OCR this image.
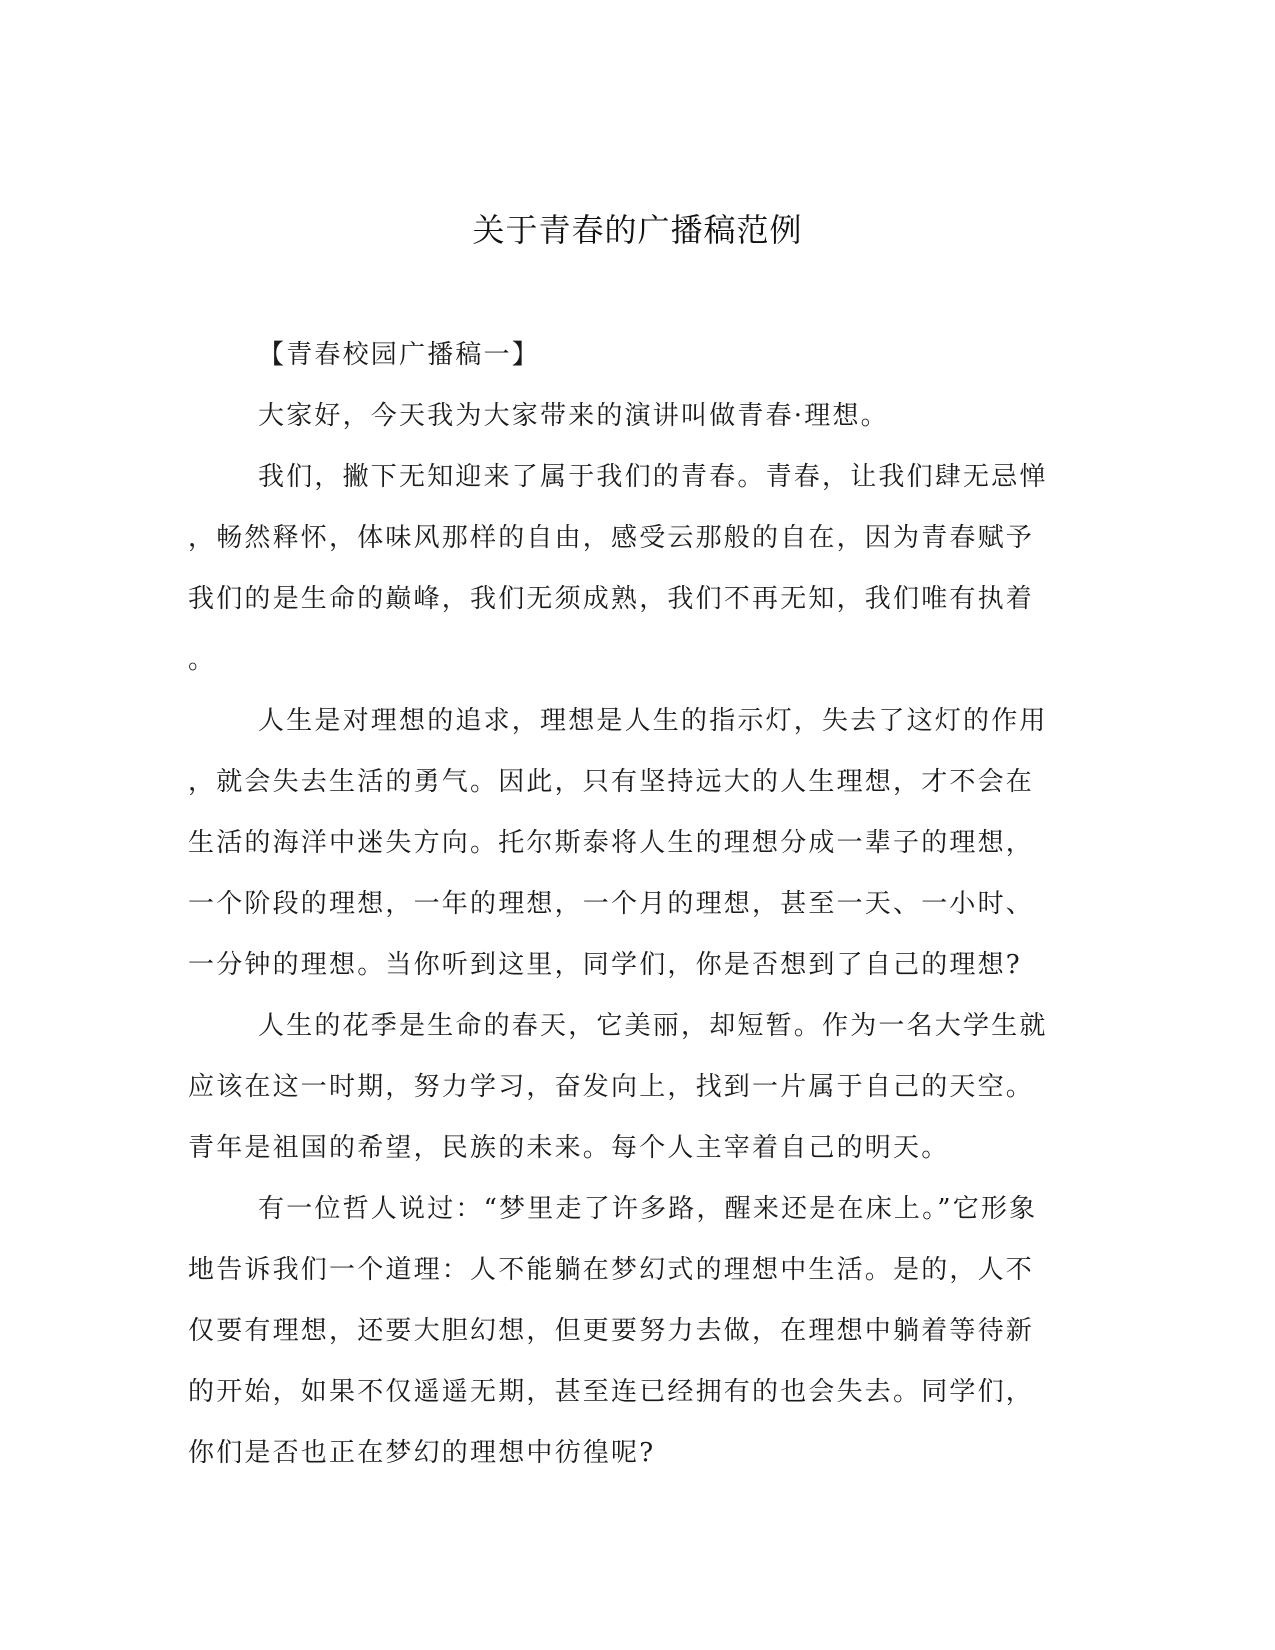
关于青春的广播稿范例
【青春校园广播稿一】
大家好，今天我为大家带来的演讲叫做青春·理想。
我们，撇下无知迎来了属于我们的青春。青春，让我们肆无忌惮
，畅然释怀，体味风那样的自由，感受云那般的自在，因为青春赋予
我们的是生命的巅峰，我们无须成熟，我们不再无知，我们唯有执着
。
人生是对理想的追求，理想是人生的指示灯，失去了这灯的作用
，就会失去生活的勇气。因此，只有坚持远大的人生理想，才不会在
生活的海洋中迷失方向。托尔斯泰将人生的理想分成一辈子的理想，
一个阶段的理想，一年的理想，一个月的理想，甚至一天、一小时、
一分钟的理想。当你听到这里，同学们，你是否想到了自己的理想?
人生的花季是生命的春天，它美丽，却短暂。作为一名大学生就
应该在这一时期，努力学习，奋发向上，找到一片属于自己的天空。
青年是祖国的希望，民族的未来。每个人主宰着自己的明天。
有一位哲人说过：“梦里走了许多路，醒来还是在床上。”它形象
地告诉我们一个道理：人不能躺在梦幻式的理想中生活。是的，人不
仅要有理想，还要大胆幻想，但更要努力去做，在理想中躺着等待新
的开始，如果不仅遥遥无期，甚至连已经拥有的也会失去。同学们，
你们是否也正在梦幻的理想中彷徨呢?
